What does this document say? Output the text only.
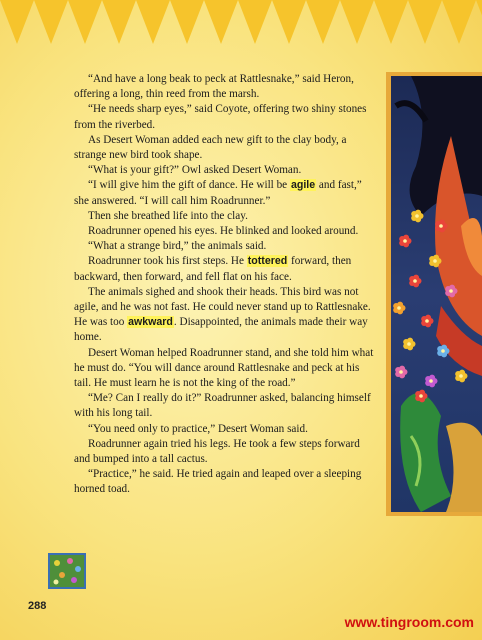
“And have a long beak to peck at Rattlesnake,” said Heron, offering a long, thin reed from the marsh.

“He needs sharp eyes,” said Coyote, offering two shiny stones from the riverbed.

As Desert Woman added each new gift to the clay body, a strange new bird took shape.

“What is your gift?” Owl asked Desert Woman.

“I will give him the gift of dance. He will be agile and fast,” she answered. “I will call him Roadrunner.”

Then she breathed life into the clay.

Roadrunner opened his eyes. He blinked and looked around.

“What a strange bird,” the animals said.

Roadrunner took his first steps. He tottered forward, then backward, then forward, and fell flat on his face.

The animals sighed and shook their heads. This bird was not agile, and he was not fast. He could never stand up to Rattlesnake. He was too awkward. Disappointed, the animals made their way home.

Desert Woman helped Roadrunner stand, and she told him what he must do. “You will dance around Rattlesnake and peck at his tail. He must learn he is not the king of the road.”

“Me? Can I really do it?” Roadrunner asked, balancing himself with his long tail.

“You need only to practice,” Desert Woman said.

Roadrunner again tried his legs. He took a few steps forward and bumped into a tall cactus.

“Practice,” he said. He tried again and leaped over a sleeping horned toad.

288
www.tingroom.com
